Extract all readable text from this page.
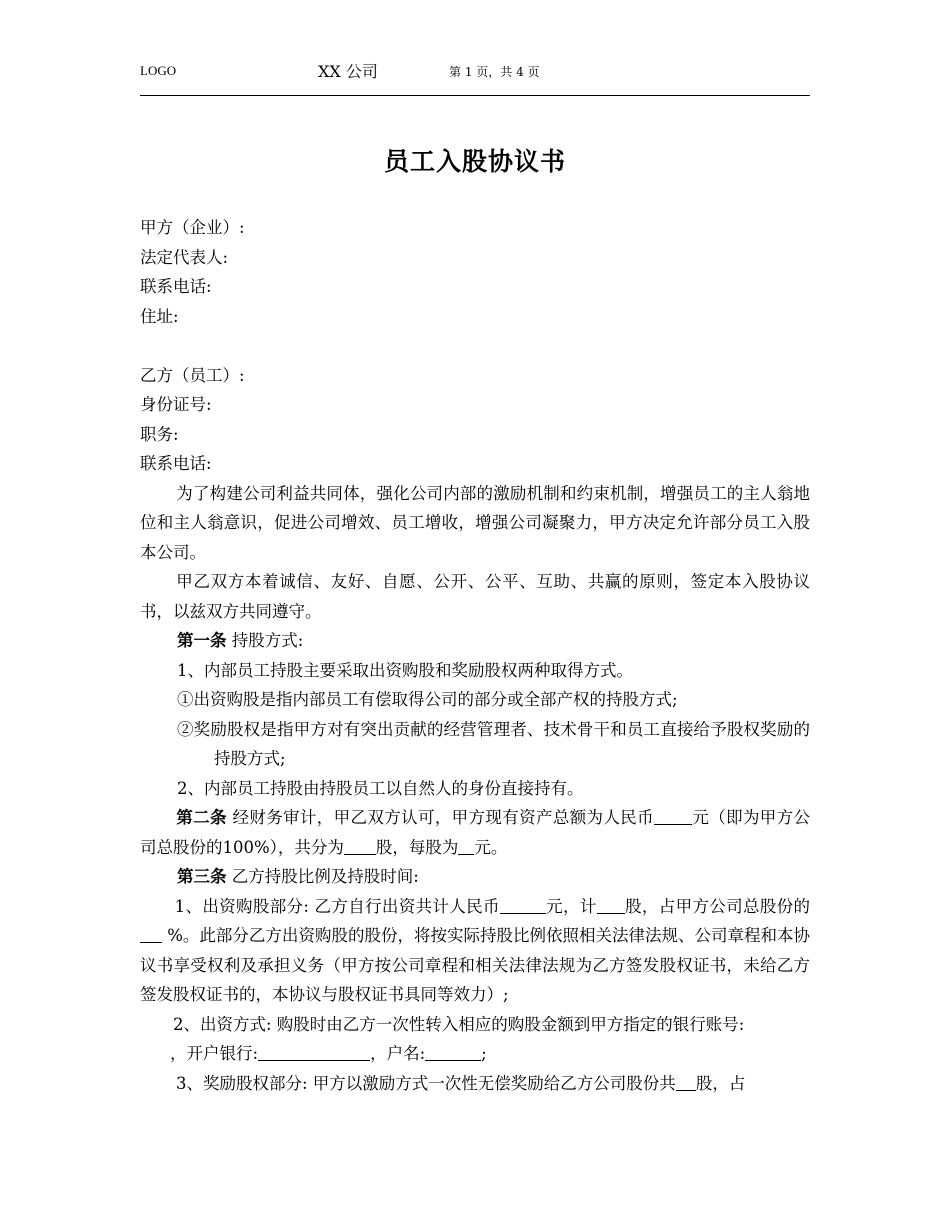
LOGO	XX 公司	第 1 页，共 4 页
员工入股协议书
甲方（企业）:
法定代表人:
联系电话:
住址:
乙方（员工）:
身份证号:
职务:
联系电话:
为了构建公司利益共同体，强化公司内部的激励机制和约束机制，增强员工的主人翁地位和主人翁意识，促进公司增效、员工增收，增强公司凝聚力，甲方决定允许部分员工入股本公司。
甲乙双方本着诚信、友好、自愿、公开、公平、互助、共赢的原则，签定本入股协议书，以兹双方共同遵守。
第一条 持股方式:
1、内部员工持股主要采取出资购股和奖励股权两种取得方式。
①出资购股是指内部员工有偿取得公司的部分或全部产权的持股方式;
②奖励股权是指甲方对有突出贡献的经营管理者、技术骨干和员工直接给予股权奖励的持股方式;
2、内部员工持股由持股员工以自然人的身份直接持有。
第二条 经财务审计，甲乙双方认可，甲方现有资产总额为人民币 元（即为甲方公司总股份的100%），共分为 股，每股为 元。
第三条 乙方持股比例及持股时间:
1、出资购股部分: 乙方自行出资共计人民币	元，计 股，占甲方公司总股份的 %。此部分乙方出资购股的股份，将按实际持股比例依照相关法律法规、公司章程和本协议书享受权利及承担义务（甲方按公司章程和相关法律法规为乙方签发股权证书，未给乙方签发股权证书的，本协议与股权证书具同等效力）;
2、出资方式: 购股时由乙方一次性转入相应的购股金额到甲方指定的银行账号:
，开户银行:	，户名:	;
3、奖励股权部分: 甲方以激励方式一次性无偿奖励给乙方公司股份共 股，占
